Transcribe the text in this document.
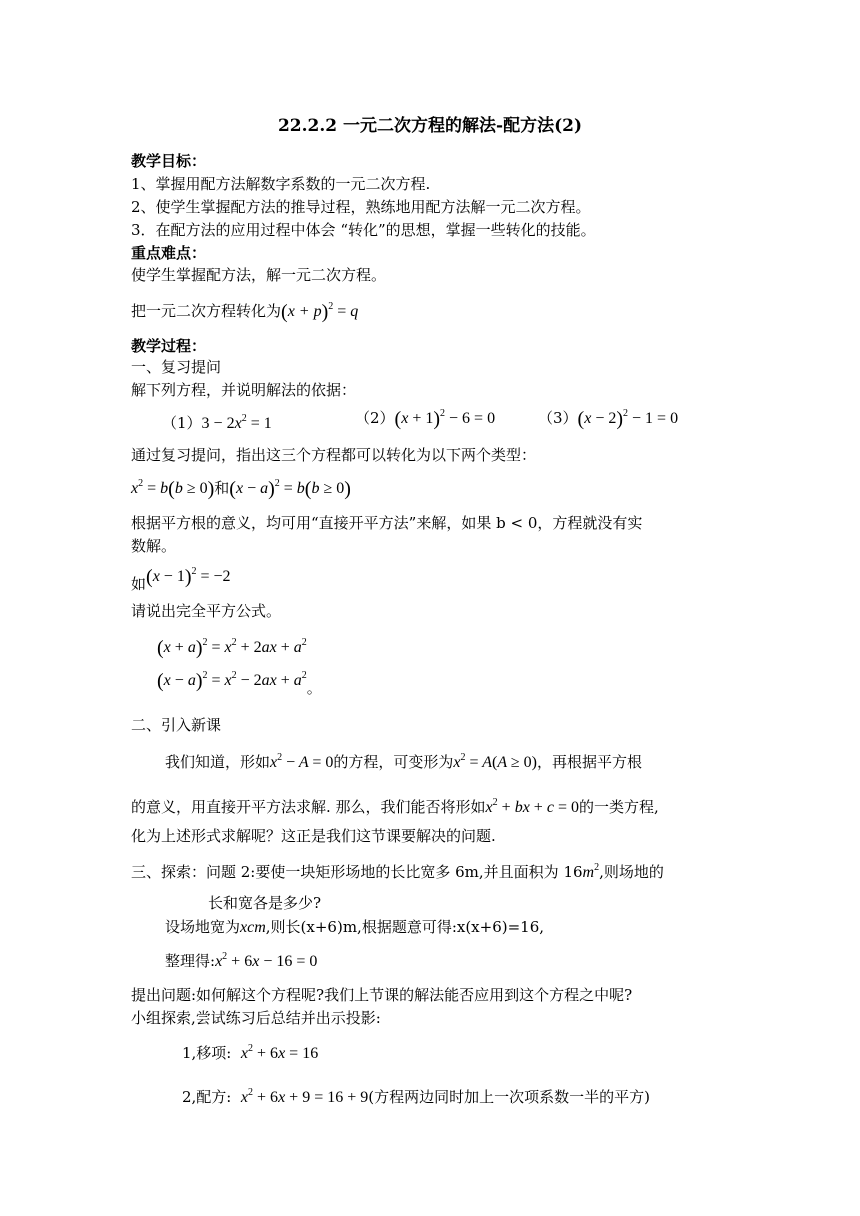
22.2.2 一元二次方程的解法-配方法(2)
教学目标：
1、掌握用配方法解数字系数的一元二次方程.
2、使学生掌握配方法的推导过程，熟练地用配方法解一元二次方程。
3．在配方法的应用过程中体会 “转化”的思想，掌握一些转化的技能。
重点难点：
使学生掌握配方法，解一元二次方程。
把一元二次方程转化为$(x + p)^2 = q$
教学过程：
一、复习提问
解下列方程，并说明解法的依据：
$(1)3 - 2x^2 = 1$	$(2)(x + 1)^2 - 6 = 0$	$(3)(x - 2)^2 - 1 = 0$
通过复习提问，指出这三个方程都可以转化为以下两个类型：
$x^2 = b(b \ge 0)$和$(x - a)^2 = b(b \ge 0)$
根据平方根的意义，均可用“直接开平方法”来解，如果 b < 0，方程就没有实
数解。
如$(x - 1)^2 = -2$
请说出完全平方公式。
$(x + a)^2 = x^2 + 2ax + a^2$
$(x - a)^2 = x^2 - 2ax + a^2$。
二、引入新课
我们知道，形如$x^2 - A = 0$的方程，可变形为$x^2 = A(A \ge 0)$，再根据平方根
的意义，用直接开平方法求解. 那么，我们能否将形如$x^2$ + bx + c = 0的一类方程,
化为上述形式求解呢？这正是我们这节课要解决的问题.
三、探索：问题 2:要使一块矩形场地的长比宽多 6m,并且面积为 $16m^2$,则场地的
长和宽各是多少?
设场地宽为xcm,则长(x+6)m,根据题意可得:x(x+6)=16,
整理得$:x^2 + 6x - 16 = 0$
提出问题:如何解这个方程呢?我们上节课的解法能否应用到这个方程之中呢?
小组探索,尝试练习后总结并出示投影:
1,移项: $x^2 + 6x = 16$
2,配方: $x^2 + 6x + 9 = 16 + 9$(方程两边同时加上一次项系数一半的平方)
